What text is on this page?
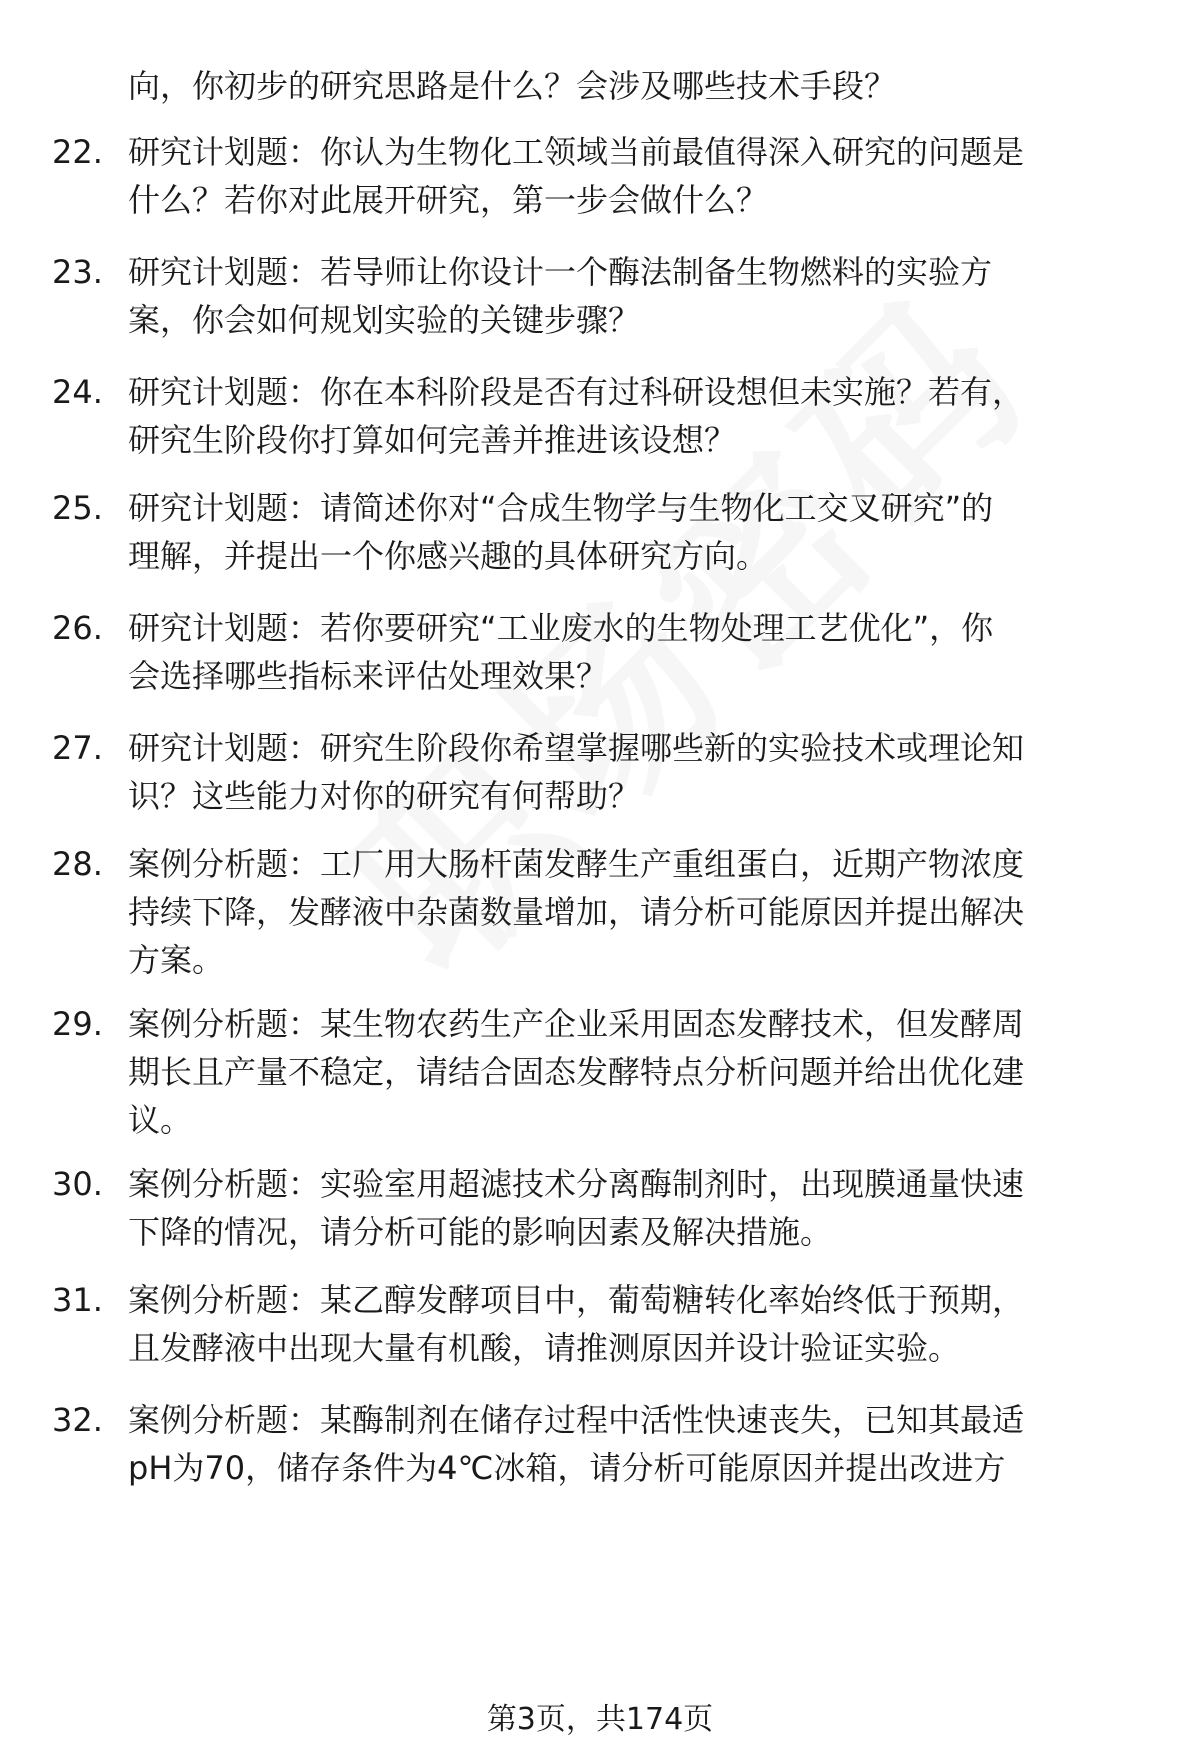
向，你初步的研究思路是什么？会涉及哪些技术手段？
22. 研究计划题：你认为生物化工领域当前最值得深入研究的问题是
什么？若你对此展开研究，第一步会做什么？
23. 研究计划题：若导师让你设计一个酶法制备生物燃料的实验方
案，你会如何规划实验的关键步骤？
24. 研究计划题：你在本科阶段是否有过科研设想但未实施？若有，
研究生阶段你打算如何完善并推进该设想？
25. 研究计划题：请简述你对“合成生物学与生物化工交叉研究”的
理解，并提出一个你感兴趣的具体研究方向。
26. 研究计划题：若你要研究“工业废水的生物处理工艺优化”，你
会选择哪些指标来评估处理效果？
27. 研究计划题：研究生阶段你希望掌握哪些新的实验技术或理论知
识？这些能力对你的研究有何帮助？
28. 案例分析题：工厂用大肠杆菌发酵生产重组蛋白，近期产物浓度
持续下降，发酵液中杂菌数量增加，请分析可能原因并提出解决
方案。
29. 案例分析题：某生物农药生产企业采用固态发酵技术，但发酵周
期长且产量不稳定，请结合固态发酵特点分析问题并给出优化建
议。
30. 案例分析题：实验室用超滤技术分离酶制剂时，出现膜通量快速
下降的情况，请分析可能的影响因素及解决措施。
31. 案例分析题：某乙醇发酵项目中，葡萄糖转化率始终低于预期，
且发酵液中出现大量有机酸，请推测原因并设计验证实验。
32. 案例分析题：某酶制剂在储存过程中活性快速丧失，已知其最适
pH为70，储存条件为4℃冰箱，请分析可能原因并提出改进方
第3页，共174页
